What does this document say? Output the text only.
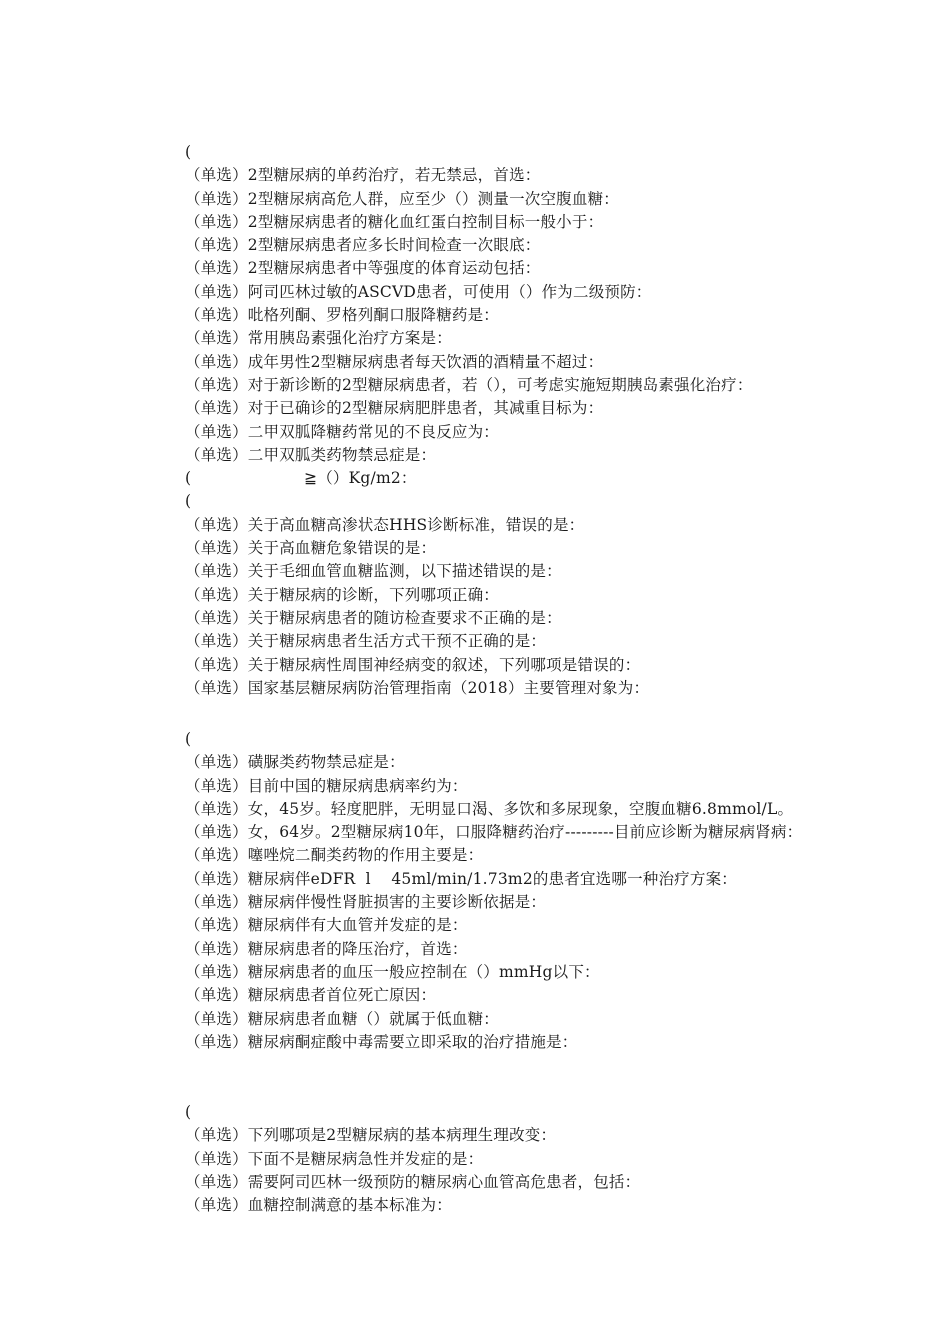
(
（单选）2型糖尿病的单药治疗，若无禁忌，首选：
（单选）2型糖尿病高危人群，应至少（）测量一次空腹血糖：
（单选）2型糖尿病患者的糖化血红蛋白控制目标一般小于：
（单选）2型糖尿病患者应多长时间检查一次眼底：
（单选）2型糖尿病患者中等强度的体育运动包括：
（单选）阿司匹林过敏的ASCVD患者，可使用（）作为二级预防：
（单选）吡格列酮、罗格列酮口服降糖药是：
（单选）常用胰岛素强化治疗方案是：
（单选）成年男性2型糖尿病患者每天饮酒的酒精量不超过：
（单选）对于新诊断的2型糖尿病患者，若（），可考虑实施短期胰岛素强化治疗：
（单选）对于已确诊的2型糖尿病肥胖患者，其减重目标为：
（单选）二甲双胍降糖药常见的不良反应为：
（单选）二甲双胍类药物禁忌症是：
(                      ≧（）Kg/m2：
(
（单选）关于高血糖高渗状态HHS诊断标准，错误的是：
（单选）关于高血糖危象错误的是：
（单选）关于毛细血管血糖监测，以下描述错误的是：
（单选）关于糖尿病的诊断，下列哪项正确：
（单选）关于糖尿病患者的随访检查要求不正确的是：
（单选）关于糖尿病患者生活方式干预不正确的是：
（单选）关于糖尿病性周围神经病变的叙述，下列哪项是错误的：
（单选）国家基层糖尿病防治管理指南（2018）主要管理对象为：
(
（单选）磺脲类药物禁忌症是：
（单选）目前中国的糖尿病患病率约为：
（单选）女，45岁。轻度肥胖，无明显口渴、多饮和多尿现象，空腹血糖6.8mmol/L。
（单选）女，64岁。2型糖尿病10年，口服降糖药治疗---------目前应诊断为糖尿病肾病：
（单选）噻唑烷二酮类药物的作用主要是：
（单选）糖尿病伴eDFR  l    45ml/min/1.73m2的患者宜选哪一种治疗方案：
（单选）糖尿病伴慢性肾脏损害的主要诊断依据是：
（单选）糖尿病伴有大血管并发症的是：
（单选）糖尿病患者的降压治疗，首选：
（单选）糖尿病患者的血压一般应控制在（）mmHg以下：
（单选）糖尿病患者首位死亡原因：
（单选）糖尿病患者血糖（）就属于低血糖：
（单选）糖尿病酮症酸中毒需要立即采取的治疗措施是：
(
（单选）下列哪项是2型糖尿病的基本病理生理改变：
（单选）下面不是糖尿病急性并发症的是：
（单选）需要阿司匹林一级预防的糖尿病心血管高危患者，包括：
（单选）血糖控制满意的基本标准为：
